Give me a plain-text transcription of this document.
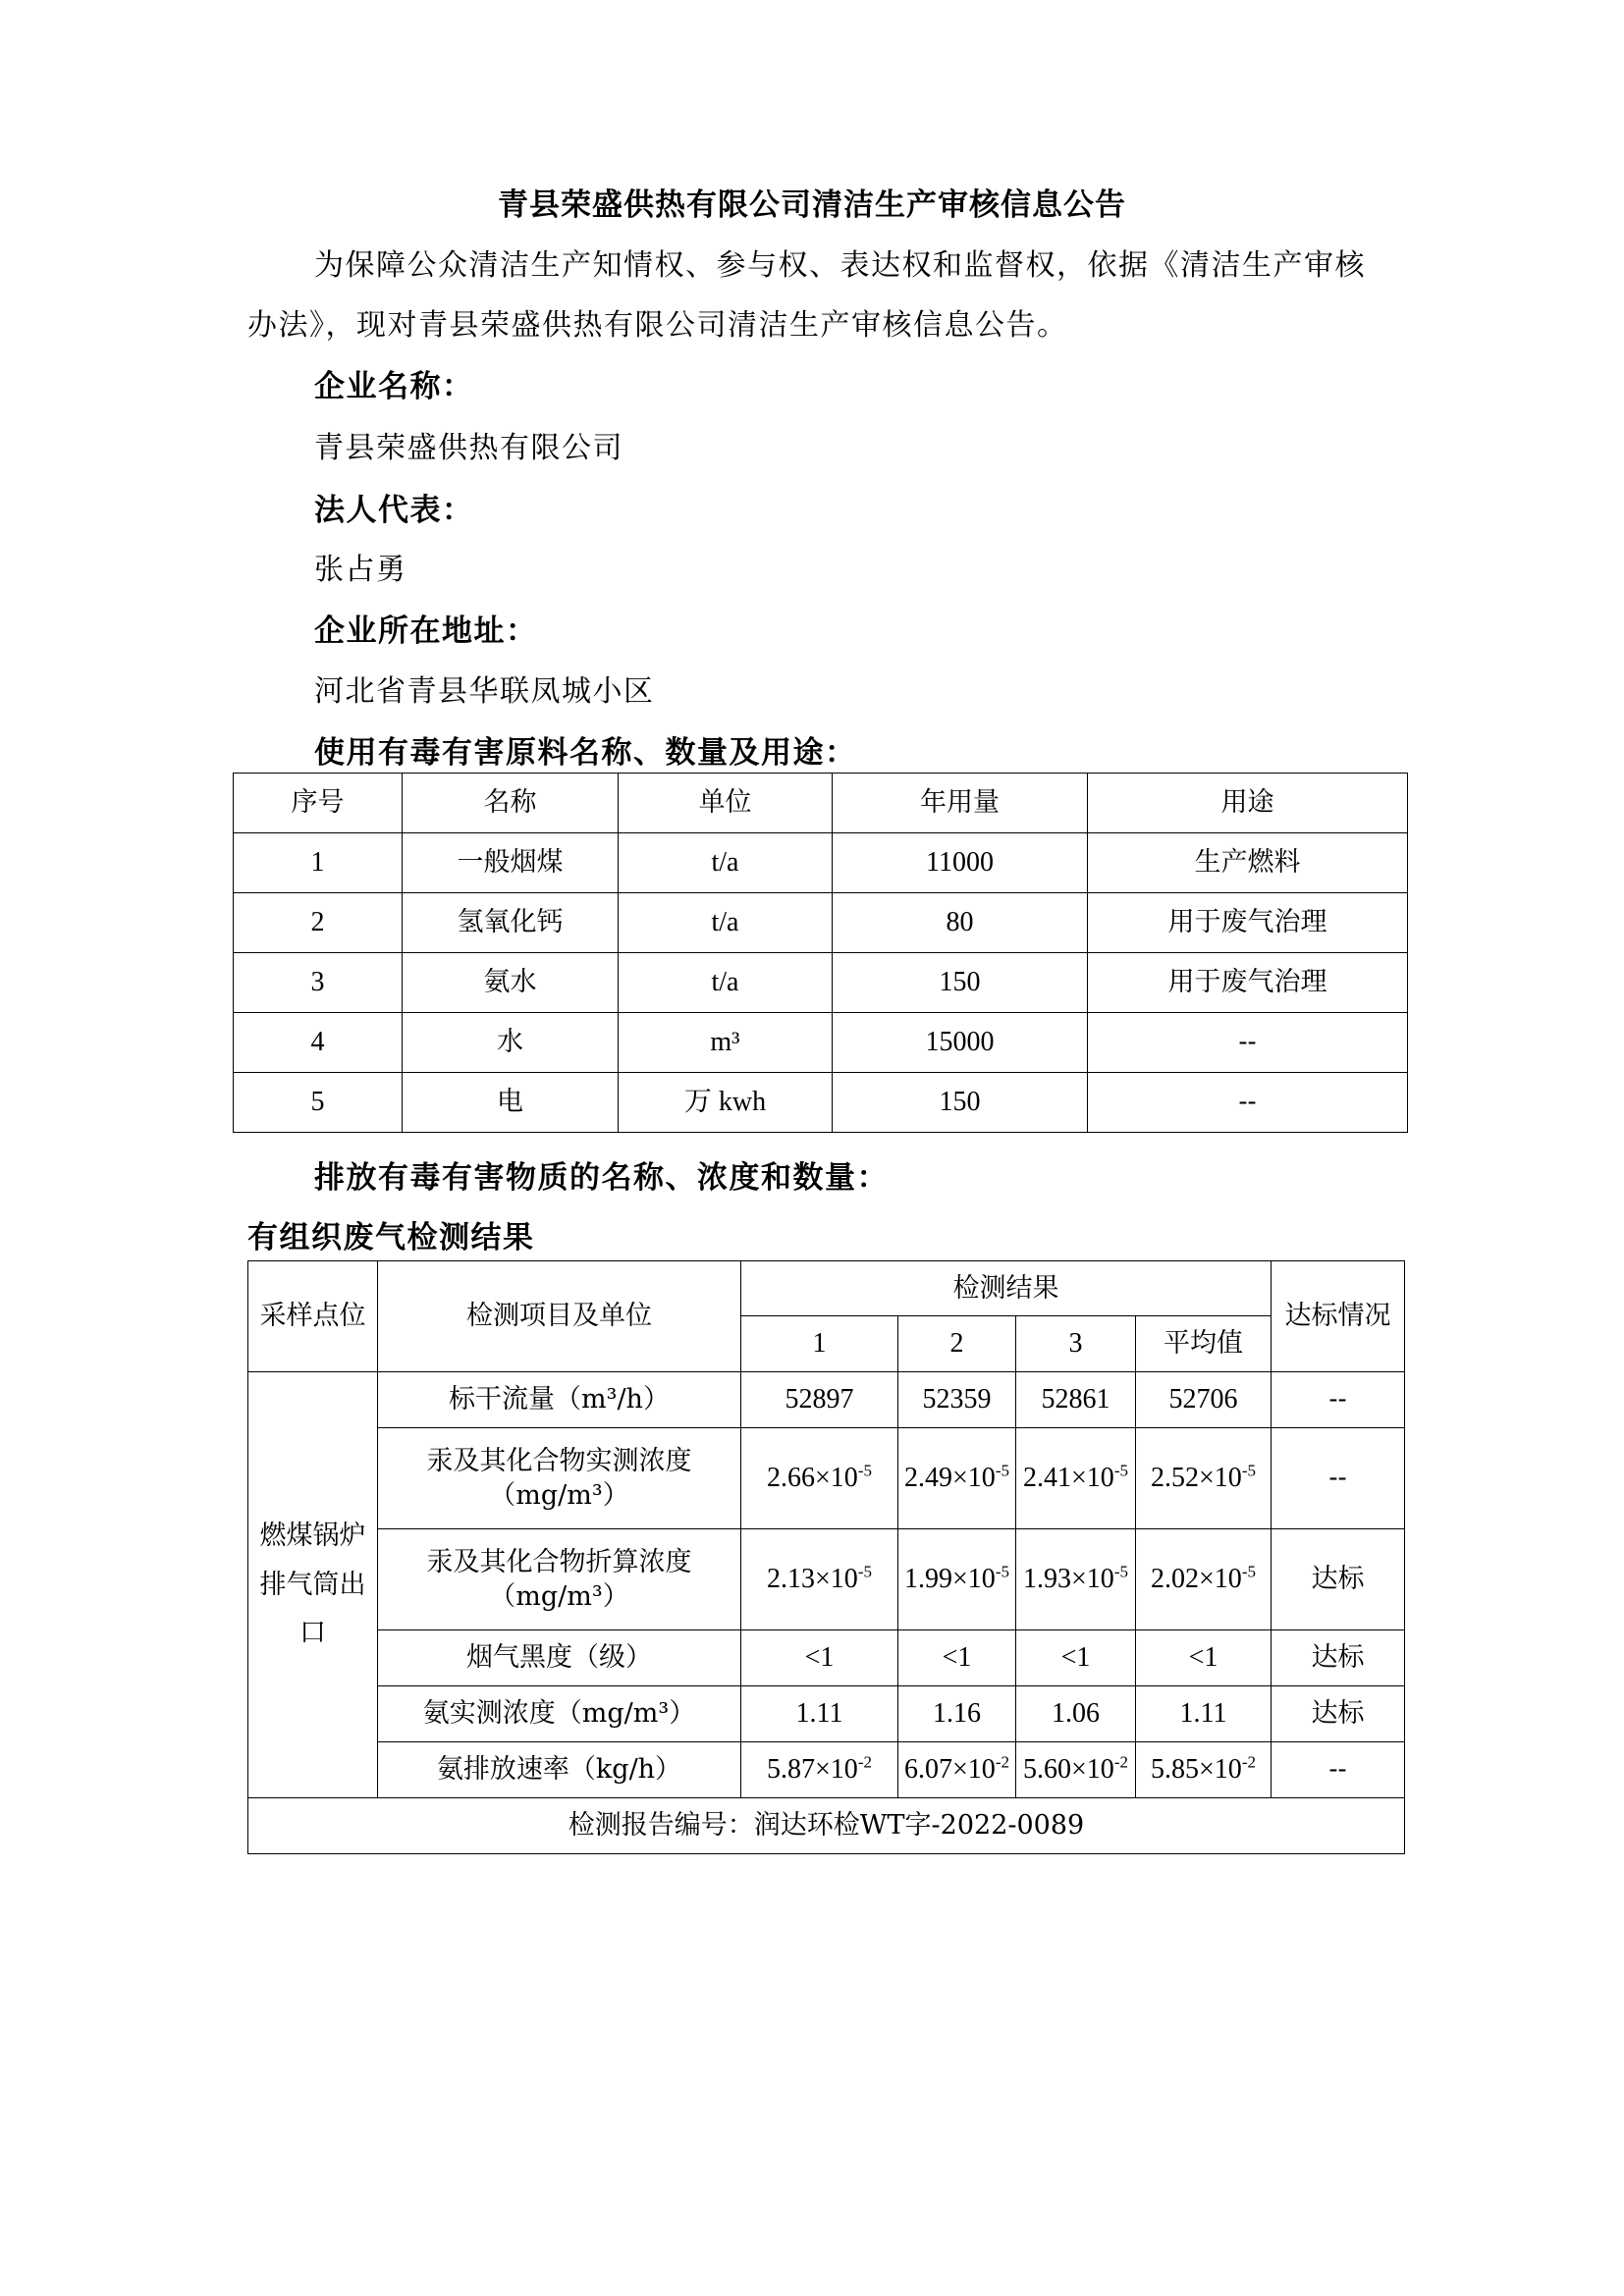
青县荣盛供热有限公司清洁生产审核信息公告
为保障公众清洁生产知情权、参与权、表达权和监督权，依据《清洁生产审核办法》，现对青县荣盛供热有限公司清洁生产审核信息公告。
企业名称：
青县荣盛供热有限公司
法人代表：
张占勇
企业所在地址：
河北省青县华联凤城小区
使用有毒有害原料名称、数量及用途：
序号	名称	单位	年用量	用途
1	一般烟煤	t/a	11000	生产燃料
2	氢氧化钙	t/a	80	用于废气治理
3	氨水	t/a	150	用于废气治理
4	水	m³	15000	--
5	电	万 kwh	150	--
排放有毒有害物质的名称、浓度和数量：
有组织废气检测结果
采样点位	检测项目及单位	检测结果				达标情况
		1	2	3	平均值	
燃煤锅炉排气筒出口	标干流量（m³/h）	52897	52359	52861	52706	--
	汞及其化合物实测浓度（mg/m³）	$2.66\times 10^{-5}$	$2.49\times 10^{-5}$	$2.41\times 10^{-5}$	$2.52\times 10^{-5}$	--
	汞及其化合物折算浓度（mg/m³）	$2.13\times 10^{-5}$	$1.99\times 10^{-5}$	$1.93\times 10^{-5}$	$2.02\times 10^{-5}$	达标
	烟气黑度（级）	<1	<1	<1	<1	达标
	氨实测浓度（mg/m³）	1.11	1.16	1.06	1.11	达标
	氨排放速率（kg/h）	$5.87\times 10^{-2}$	$6.07\times 10^{-2}$	$5.60\times 10^{-2}$	$5.85\times 10^{-2}$	--
检测报告编号：润达环检WT字-2022-0089						
